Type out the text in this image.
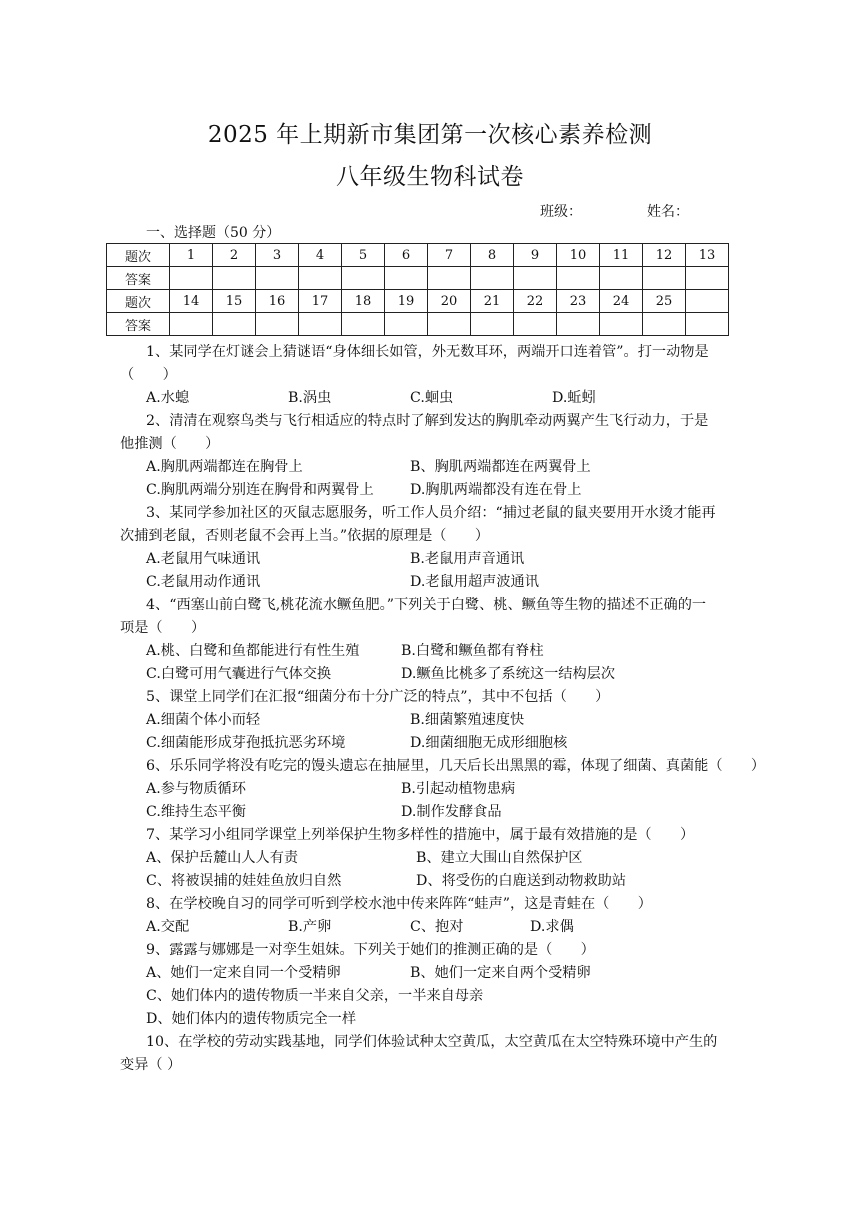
2025 年上期新市集团第一次核心素养检测
八年级生物科试卷
班级：	姓名：
一、选择题（50 分）
题次	1	2	3	4	5	6	7	8	9	10	11	12	13
答案													
题次	14	15	16	17	18	19	20	21	22	23	24	25	
答案													
1、某同学在灯谜会上猜谜语“身体细长如管，外无数耳环，两端开口连着管”。打一动物是
（　　）
A.水螅	B.涡虫	C.蛔虫	D.蚯蚓
2、清清在观察鸟类与飞行相适应的特点时了解到发达的胸肌牵动两翼产生飞行动力，于是
他推测（　　）
A.胸肌两端都连在胸骨上	B、胸肌两端都连在两翼骨上
C.胸肌两端分别连在胸骨和两翼骨上	D.胸肌两端都没有连在骨上
3、某同学参加社区的灭鼠志愿服务，听工作人员介绍：“捕过老鼠的鼠夹要用开水烫才能再
次捕到老鼠，否则老鼠不会再上当。”依据的原理是（　　）
A.老鼠用气味通讯	B.老鼠用声音通讯
C.老鼠用动作通讯	D.老鼠用超声波通讯
4、“西塞山前白鹭飞,桃花流水鳜鱼肥。”下列关于白鹭、桃、鳜鱼等生物的描述不正确的一
项是（　　）
A.桃、白鹭和鱼都能进行有性生殖	B.白鹭和鳜鱼都有脊柱
C.白鹭可用气囊进行气体交换	D.鳜鱼比桃多了系统这一结构层次
5、课堂上同学们在汇报“细菌分布十分广泛的特点”，其中不包括（　　）
A.细菌个体小而轻	B.细菌繁殖速度快
C.细菌能形成芽孢抵抗恶劣环境	D.细菌细胞无成形细胞核
6、乐乐同学将没有吃完的馒头遗忘在抽屉里，几天后长出黑黑的霉，体现了细菌、真菌能（　　）
A.参与物质循环	B.引起动植物患病
C.维持生态平衡	D.制作发酵食品
7、某学习小组同学课堂上列举保护生物多样性的措施中，属于最有效措施的是（　　）
A、保护岳麓山人人有责	B、建立大围山自然保护区
C、将被误捕的娃娃鱼放归自然	D、将受伤的白鹿送到动物救助站
8、在学校晚自习的同学可听到学校水池中传来阵阵“蛙声”，这是青蛙在（　　）
A.交配	B.产卵	C、抱对	D.求偶
9、露露与娜娜是一对孪生姐妹。下列关于她们的推测正确的是（　　）
A、她们一定来自同一个受精卵	B、她们一定来自两个受精卵
C、她们体内的遗传物质一半来自父亲，一半来自母亲
D、她们体内的遗传物质完全一样
10、在学校的劳动实践基地，同学们体验试种太空黄瓜，太空黄瓜在太空特殊环境中产生的
变异（ ）
